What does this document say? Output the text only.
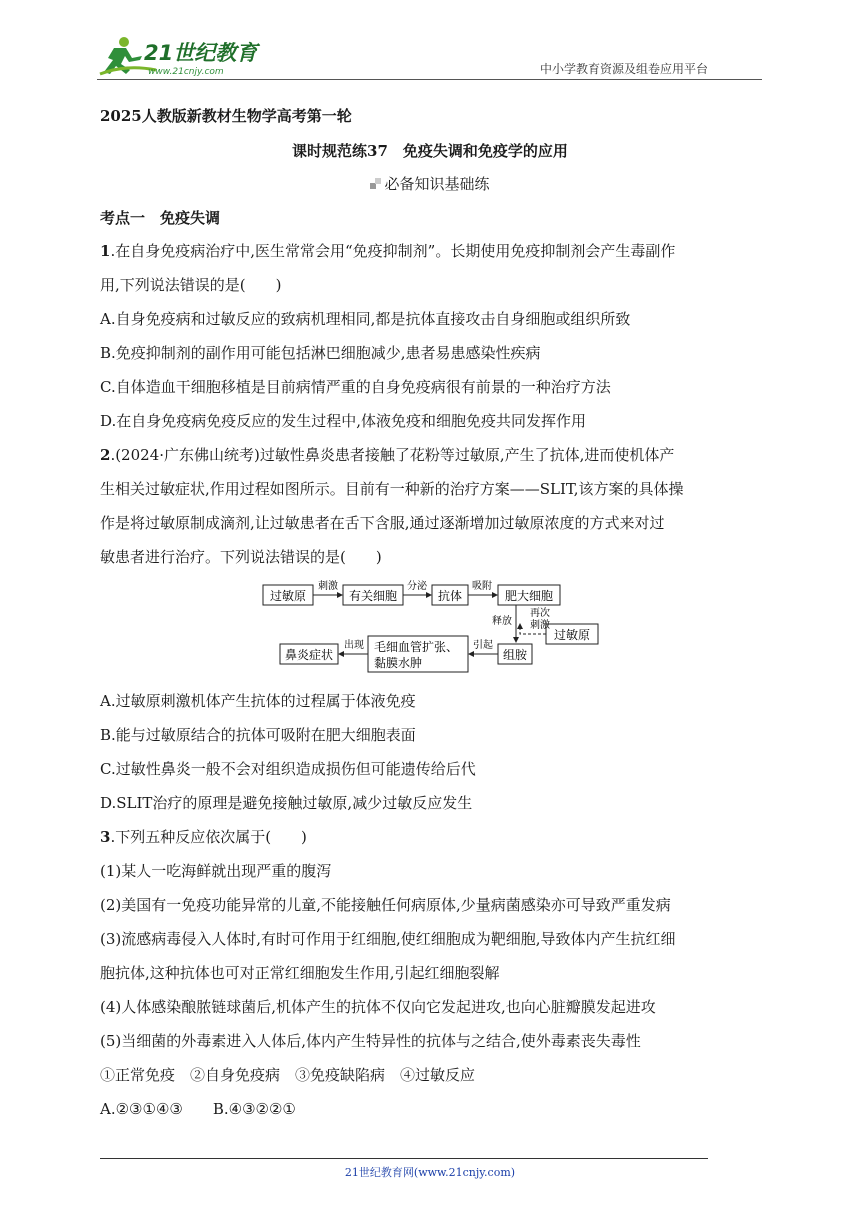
21世纪教育
www.21cnjy.com	中小学教育资源及组卷应用平台
2025人教版新教材生物学高考第一轮
课时规范练37　免疫失调和免疫学的应用
必备知识基础练
考点一　免疫失调
1.在自身免疫病治疗中,医生常常会用“免疫抑制剂”。长期使用免疫抑制剂会产生毒副作
用,下列说法错误的是(　　)
A.自身免疫病和过敏反应的致病机理相同,都是抗体直接攻击自身细胞或组织所致
B.免疫抑制剂的副作用可能包括淋巴细胞减少,患者易患感染性疾病
C.自体造血干细胞移植是目前病情严重的自身免疫病很有前景的一种治疗方法
D.在自身免疫病免疫反应的发生过程中,体液免疫和细胞免疫共同发挥作用
2.(2024·广东佛山统考)过敏性鼻炎患者接触了花粉等过敏原,产生了抗体,进而使机体产
生相关过敏症状,作用过程如图所示。目前有一种新的治疗方案——SLIT,该方案的具体操
作是将过敏原制成滴剂,让过敏患者在舌下含服,通过逐渐增加过敏原浓度的方式来对过
敏患者进行治疗。下列说法错误的是(　　)
过敏原	有关细胞	抗体	肥大细胞
刺激	分泌	吸附
释放
再次
刺激
过敏原
组胺
毛细血管扩张、
黏膜水肿
鼻炎症状
引起
出现
A.过敏原刺激机体产生抗体的过程属于体液免疫
B.能与过敏原结合的抗体可吸附在肥大细胞表面
C.过敏性鼻炎一般不会对组织造成损伤但可能遗传给后代
D.SLIT治疗的原理是避免接触过敏原,减少过敏反应发生
3.下列五种反应依次属于(　　)
(1)某人一吃海鲜就出现严重的腹泻
(2)美国有一免疫功能异常的儿童,不能接触任何病原体,少量病菌感染亦可导致严重发病
(3)流感病毒侵入人体时,有时可作用于红细胞,使红细胞成为靶细胞,导致体内产生抗红细
胞抗体,这种抗体也可对正常红细胞发生作用,引起红细胞裂解
(4)人体感染酿脓链球菌后,机体产生的抗体不仅向它发起进攻,也向心脏瓣膜发起进攻
(5)当细菌的外毒素进入人体后,体内产生特异性的抗体与之结合,使外毒素丧失毒性
①正常免疫　②自身免疫病　③免疫缺陷病　④过敏反应
A.②③①④③　　B.④③②②①
21世纪教育网(www.21cnjy.com)
